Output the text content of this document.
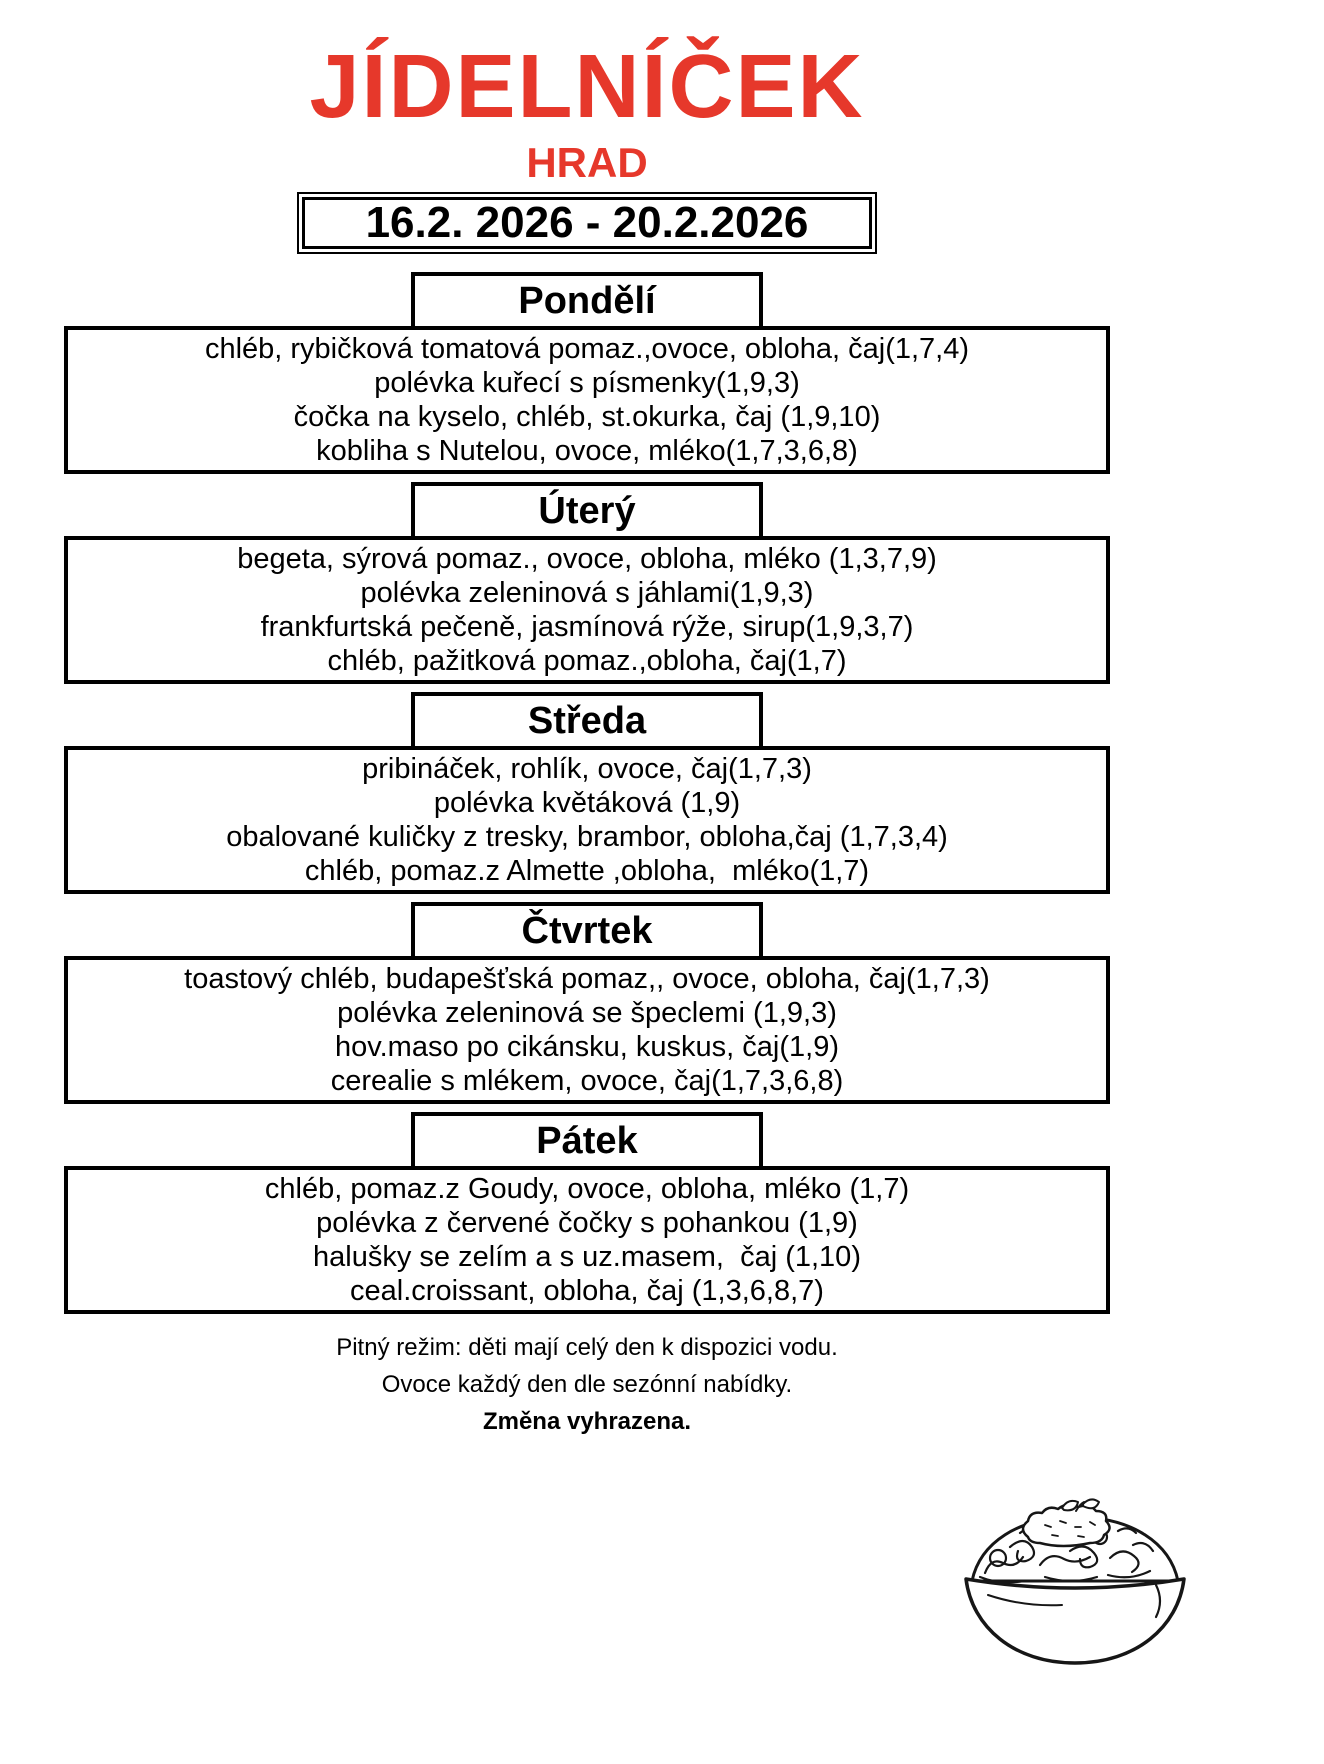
JÍDELNÍČEK
HRAD
16.2. 2026 - 20.2.2026
Pondělí
chléb, rybičková tomatová pomaz.,ovoce, obloha, čaj(1,7,4)
polévka kuřecí s písmenky(1,9,3)
čočka na kyselo, chléb, st.okurka, čaj (1,9,10)
kobliha s Nutelou, ovoce, mléko(1,7,3,6,8)
Úterý
begeta, sýrová pomaz., ovoce, obloha, mléko (1,3,7,9)
polévka zeleninová s jáhlami(1,9,3)
frankfurtská pečeně, jasmínová rýže, sirup(1,9,3,7)
chléb, pažitková pomaz.,obloha, čaj(1,7)
Středa
pribináček, rohlík, ovoce, čaj(1,7,3)
polévka květáková (1,9)
obalované kuličky z tresky, brambor, obloha,čaj (1,7,3,4)
chléb, pomaz.z Almette ,obloha,  mléko(1,7)
Čtvrtek
toastový chléb, budapešťská pomaz,, ovoce, obloha, čaj(1,7,3)
polévka zeleninová se špeclemi (1,9,3)
hov.maso po cikánsku, kuskus, čaj(1,9)
cerealie s mlékem, ovoce, čaj(1,7,3,6,8)
Pátek
chléb, pomaz.z Goudy, ovoce, obloha, mléko (1,7)
polévka z červené čočky s pohankou (1,9)
halušky se zelím a s uz.masem,  čaj (1,10)
ceal.croissant, obloha, čaj (1,3,6,8,7)
Pitný režim: děti mají celý den k dispozici vodu.
Ovoce každý den dle sezónní nabídky.
Změna vyhrazena.
